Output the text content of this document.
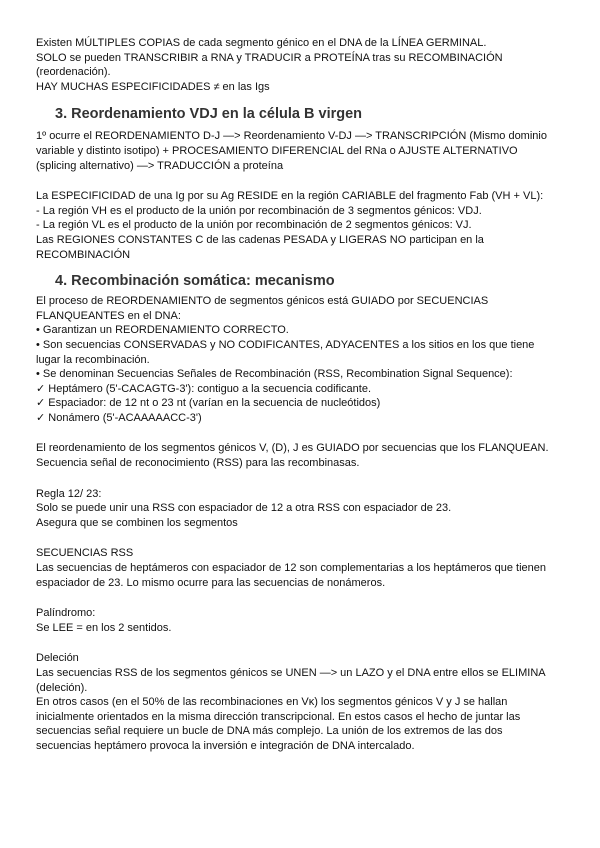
Existen MÚLTIPLES COPIAS de cada segmento génico en el DNA de la LÍNEA GERMINAL.
SOLO se pueden TRANSCRIBIR a RNA y TRADUCIR a PROTEÍNA tras su RECOMBINACIÓN
(reordenación).
HAY MUCHAS ESPECIFICIDADES ≠ en las Igs

3. Reordenamiento VDJ en la célula B virgen

1º ocurre el REORDENAMIENTO D-J —> Reordenamiento V-DJ —> TRANSCRIPCIÓN (Mismo dominio
variable y distinto isotipo) + PROCESAMIENTO DIFERENCIAL del RNa o AJUSTE ALTERNATIVO
(splicing alternativo) —> TRADUCCIÓN a proteína

La ESPECIFICIDAD de una Ig por su Ag RESIDE en la región CARIABLE del fragmento Fab (VH + VL):
- La región VH es el producto de la unión por recombinación de 3 segmentos génicos: VDJ.
- La región VL es el producto de la unión por recombinación de 2 segmentos génicos: VJ.
Las REGIONES CONSTANTES C de las cadenas PESADA y LIGERAS NO participan en la
RECOMBINACIÓN

4. Recombinación somática: mecanismo

El proceso de REORDENAMIENTO de segmentos génicos está GUIADO por SECUENCIAS
FLANQUEANTES en el DNA:
• Garantizan un REORDENAMIENTO CORRECTO.
• Son secuencias CONSERVADAS y NO CODIFICANTES, ADYACENTES a los sitios en los que tiene
lugar la recombinación.
• Se denominan Secuencias Señales de Recombinación (RSS, Recombination Signal Sequence):
✓ Heptámero (5'-CACAGTG-3'): contiguo a la secuencia codificante.
✓ Espaciador: de 12 nt o 23 nt (varían en la secuencia de nucleótidos)
✓ Nonámero (5'-ACAAAAACC-3')

El reordenamiento de los segmentos génicos V, (D), J es GUIADO por secuencias que los FLANQUEAN.
Secuencia señal de reconocimiento (RSS) para las recombinasas.

Regla 12/ 23:
Solo se puede unir una RSS con espaciador de 12 a otra RSS con espaciador de 23.
Asegura que se combinen los segmentos

SECUENCIAS RSS
Las secuencias de heptámeros con espaciador de 12 son complementarias a los heptámeros que tienen
espaciador de 23. Lo mismo ocurre para las secuencias de nonámeros.

Palíndromo:
Se LEE = en los 2 sentidos.

Deleción
Las secuencias RSS de los segmentos génicos se UNEN —> un LAZO y el DNA entre ellos se ELIMINA
(deleción).
En otros casos (en el 50% de las recombinaciones en Vκ) los segmentos génicos V y J se hallan
inicialmente orientados en la misma dirección transcripcional. En estos casos el hecho de juntar las
secuencias señal requiere un bucle de DNA más complejo. La unión de los extremos de las dos
secuencias heptámero provoca la inversión e integración de DNA intercalado.
